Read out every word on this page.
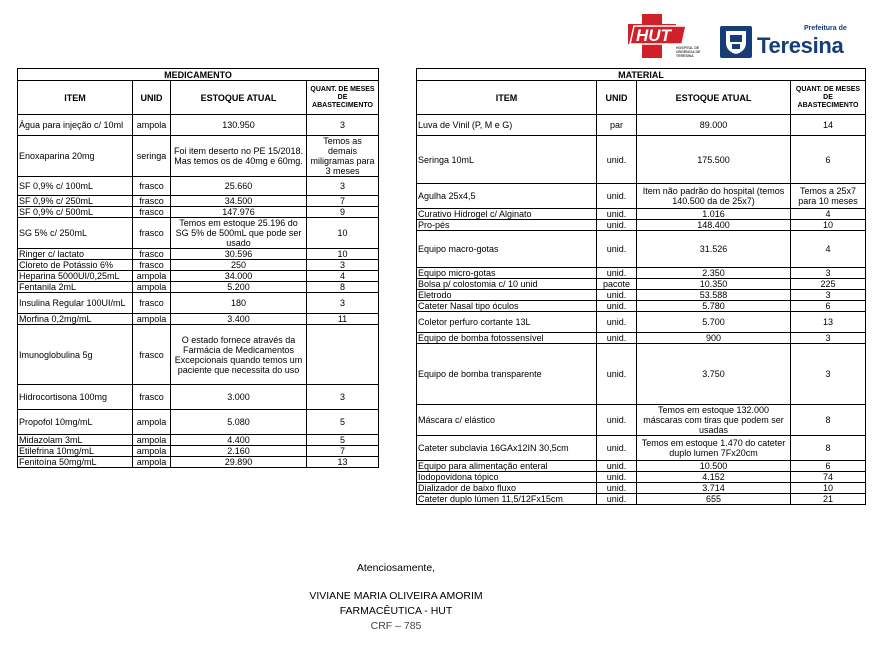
HUT
HOSPITAL DE URGÊNCIA DE TERESINA
Prefeitura de
Teresina
MEDICAMENTO			
ITEM	UNID	ESTOQUE ATUAL	QUANT. DE MESES DE ABASTECIMENTO
Água para injeção c/ 10ml	ampola	130.950	3
Enoxaparina 20mg	seringa	Foi item deserto no PE 15/2018. Mas temos os de 40mg e 60mg.	Temos as demais miligramas para 3 meses
SF 0,9% c/ 100mL	frasco	25.660	3
SF 0,9% c/ 250mL	frasco	34.500	7
SF 0,9% c/ 500mL	frasco	147.976	9
SG 5% c/ 250mL	frasco	Temos em estoque 25.196 do SG 5% de 500mL que pode ser usado	10
Ringer c/ lactato	frasco	30.596	10
Cloreto de Potássio 6%	frasco	250	3
Heparina 5000UI/0,25mL	ampola	34.000	4
Fentanila 2mL	ampola	5.200	8
Insulina Regular 100UI/mL	frasco	180	3
Morfina 0,2mg/mL	ampola	3.400	11
Imunoglobulina 5g	frasco	O estado fornece através da Farmácia de Medicamentos Excepcionais quando temos um paciente que necessita do uso	
Hidrocortisona 100mg	frasco	3.000	3
Propofol 10mg/mL	ampola	5.080	5
Midazolam 3mL	ampola	4.400	5
Etilefrina 10mg/mL	ampola	2.160	7
Fenitoína 50mg/mL	ampola	29.890	13
MATERIAL			
ITEM	UNID	ESTOQUE ATUAL	QUANT. DE MESES DE ABASTECIMENTO
Luva de Vinil (P, M e G)	par	89.000	14
Seringa 10mL	unid.	175.500	6
Agulha 25x4,5	unid.	Item não padrão do hospital (temos 140.500 da de 25x7)	Temos a 25x7 para 10 meses
Curativo Hidrogel c/ Alginato	unid.	1.016	4
Pro-pés	unid.	148.400	10
Equipo macro-gotas	unid.	31.526	4
Equipo micro-gotas	unid.	2.350	3
Bolsa p/ colostomia c/ 10 unid	pacote	10.350	225
Eletrodo	unid.	53.588	3
Cateter Nasal tipo óculos	unid.	5.780	6
Coletor perfuro cortante 13L	unid.	5.700	13
Equipo de bomba fotossensível	unid.	900	3
Equipo de bomba transparente	unid.	3.750	3
Máscara c/ elástico	unid.	Temos em estoque 132.000 máscaras com tiras que podem ser usadas	8
Cateter subclavia 16GAx12IN 30,5cm	unid.	Temos em estoque 1.470 do cateter duplo lumen 7Fx20cm	8
Equipo para alimentação enteral	unid.	10.500	6
Iodopovidona tópico	unid.	4.152	74
Dializador de baixo fluxo	unid.	3.714	10
Cateter duplo lúmen 11,5/12Fx15cm	unid.	655	21
Atenciosamente,
VIVIANE MARIA OLIVEIRA AMORIM
FARMACÊUTICA - HUT
CRF – 785
